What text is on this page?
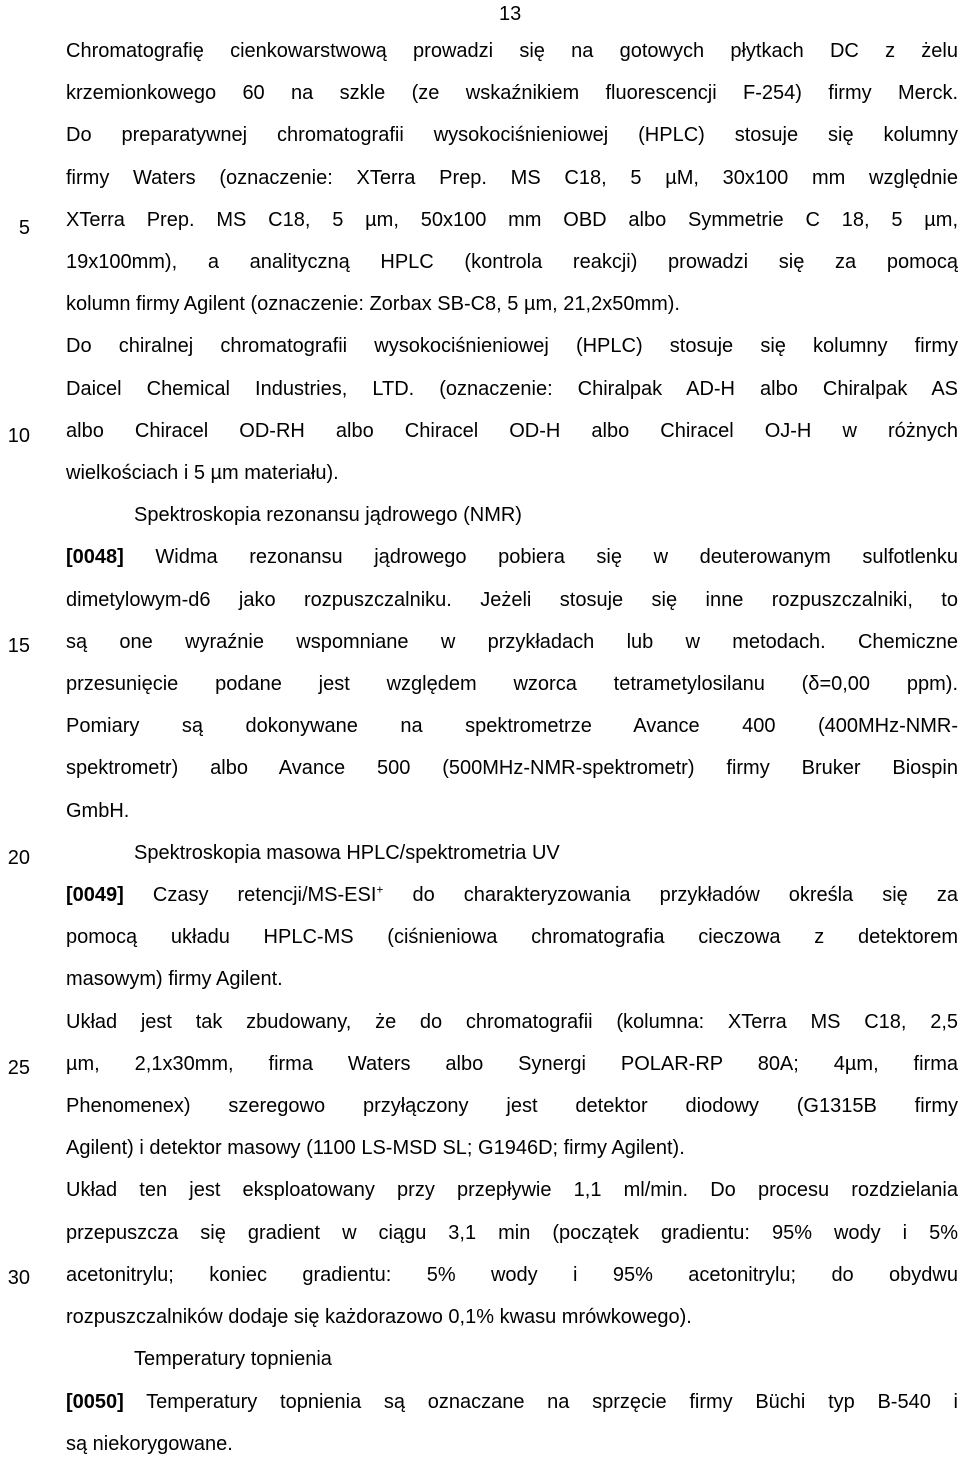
13
5
10
15
20
25
30

Chromatografię cienkowarstwową prowadzi się na gotowych płytkach DC z żelu

krzemionkowego 60 na szkle (ze wskaźnikiem fluorescencji F-254) firmy Merck.

Do preparatywnej chromatografii wysokociśnieniowej (HPLC) stosuje się kolumny

firmy Waters (oznaczenie: XTerra Prep. MS C18, 5 µM, 30x100 mm względnie

XTerra Prep. MS C18, 5 µm, 50x100 mm OBD albo Symmetrie C 18, 5 µm,

19x100mm), a analityczną HPLC (kontrola reakcji) prowadzi się za pomocą

kolumn firmy Agilent (oznaczenie: Zorbax SB-C8, 5 µm, 21,2x50mm).

Do chiralnej chromatografii wysokociśnieniowej (HPLC) stosuje się kolumny firmy

Daicel Chemical Industries, LTD. (oznaczenie: Chiralpak AD-H albo Chiralpak AS

albo Chiracel OD-RH albo Chiracel OD-H albo Chiracel OJ-H w różnych

wielkościach i 5 µm materiału).

Spektroskopia rezonansu jądrowego (NMR)

[0048] Widma rezonansu jądrowego pobiera się w deuterowanym sulfotlenku

dimetylowym-d6 jako rozpuszczalniku. Jeżeli stosuje się inne rozpuszczalniki, to

są one wyraźnie wspomniane w przykładach lub w metodach. Chemiczne

przesunięcie podane jest względem wzorca tetrametylosilanu (δ=0,00 ppm).

Pomiary są dokonywane na spektrometrze Avance 400 (400MHz-NMR-

spektrometr) albo Avance 500 (500MHz-NMR-spektrometr) firmy Bruker Biospin

GmbH.

Spektroskopia masowa HPLC/spektrometria UV

[0049] Czasy retencji/MS-ESI+ do charakteryzowania przykładów określa się za

pomocą układu HPLC-MS (ciśnieniowa chromatografia cieczowa z detektorem

masowym) firmy Agilent.

Układ jest tak zbudowany, że do chromatografii (kolumna: XTerra MS C18, 2,5

µm, 2,1x30mm, firma Waters albo Synergi POLAR-RP 80A; 4µm, firma

Phenomenex) szeregowo przyłączony jest detektor diodowy (G1315B firmy

Agilent) i detektor masowy (1100 LS-MSD SL; G1946D; firmy Agilent).

Układ ten jest eksploatowany przy przepływie 1,1 ml/min. Do procesu rozdzielania

przepuszcza się gradient w ciągu 3,1 min (początek gradientu: 95% wody i 5%

acetonitrylu; koniec gradientu: 5% wody i 95% acetonitrylu; do obydwu

rozpuszczalników dodaje się każdorazowo 0,1% kwasu mrówkowego).

Temperatury topnienia

[0050] Temperatury topnienia są oznaczane na sprzęcie firmy Büchi typ B-540 i

są niekorygowane.
